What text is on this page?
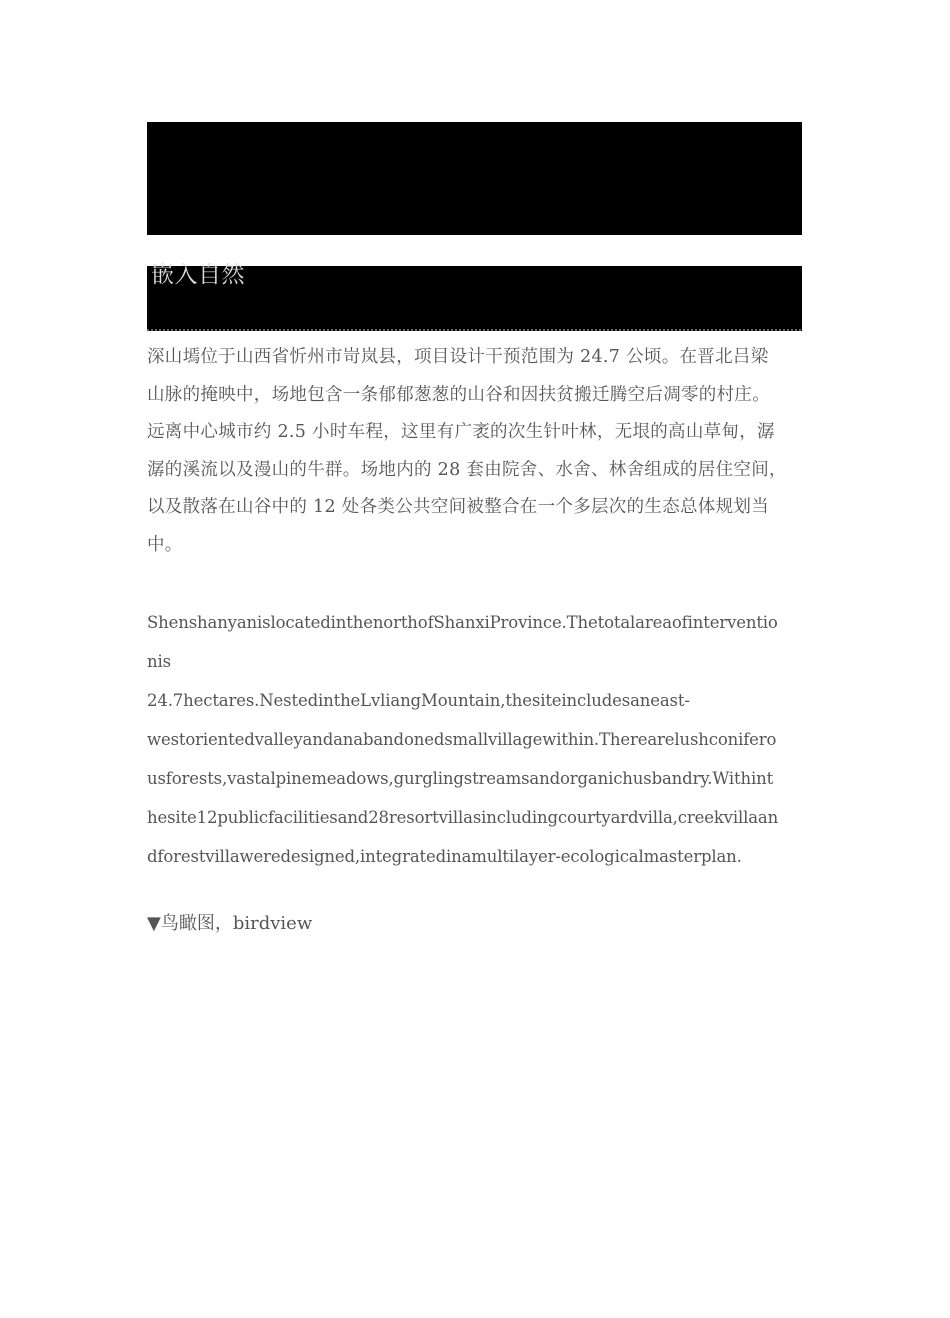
嵌入自然
深山墕位于山西省忻州市岢岚县，项目设计干预范围为 24.7 公顷。在晋北吕梁
山脉的掩映中，场地包含一条郁郁葱葱的山谷和因扶贫搬迁腾空后凋零的村庄。
远离中心城市约 2.5 小时车程，这里有广袤的次生针叶林，无垠的高山草甸，潺
潺的溪流以及漫山的牛群。场地内的 28 套由院舍、水舍、林舍组成的居住空间，
以及散落在山谷中的 12 处各类公共空间被整合在一个多层次的生态总体规划当
中。
ShenshanyanislocatedinthenorthofShanxiProvince.Thetotalareaofinterventio
nis
24.7hectares.NestedintheLvliangMountain,thesiteincludesaneast-
westorientedvalleyandanabandonedsmallvillagewithin.Therearelushconifero
usforests,vastalpinemeadows,gurglingstreamsandorganichusbandry.Withint
hesite12publicfacilitiesand28resortvillasincludingcourtyardvilla,creekvillaan
dforestvillaweredesigned,integratedinamultilayer-ecologicalmasterplan.
▼鸟瞰图，birdview
